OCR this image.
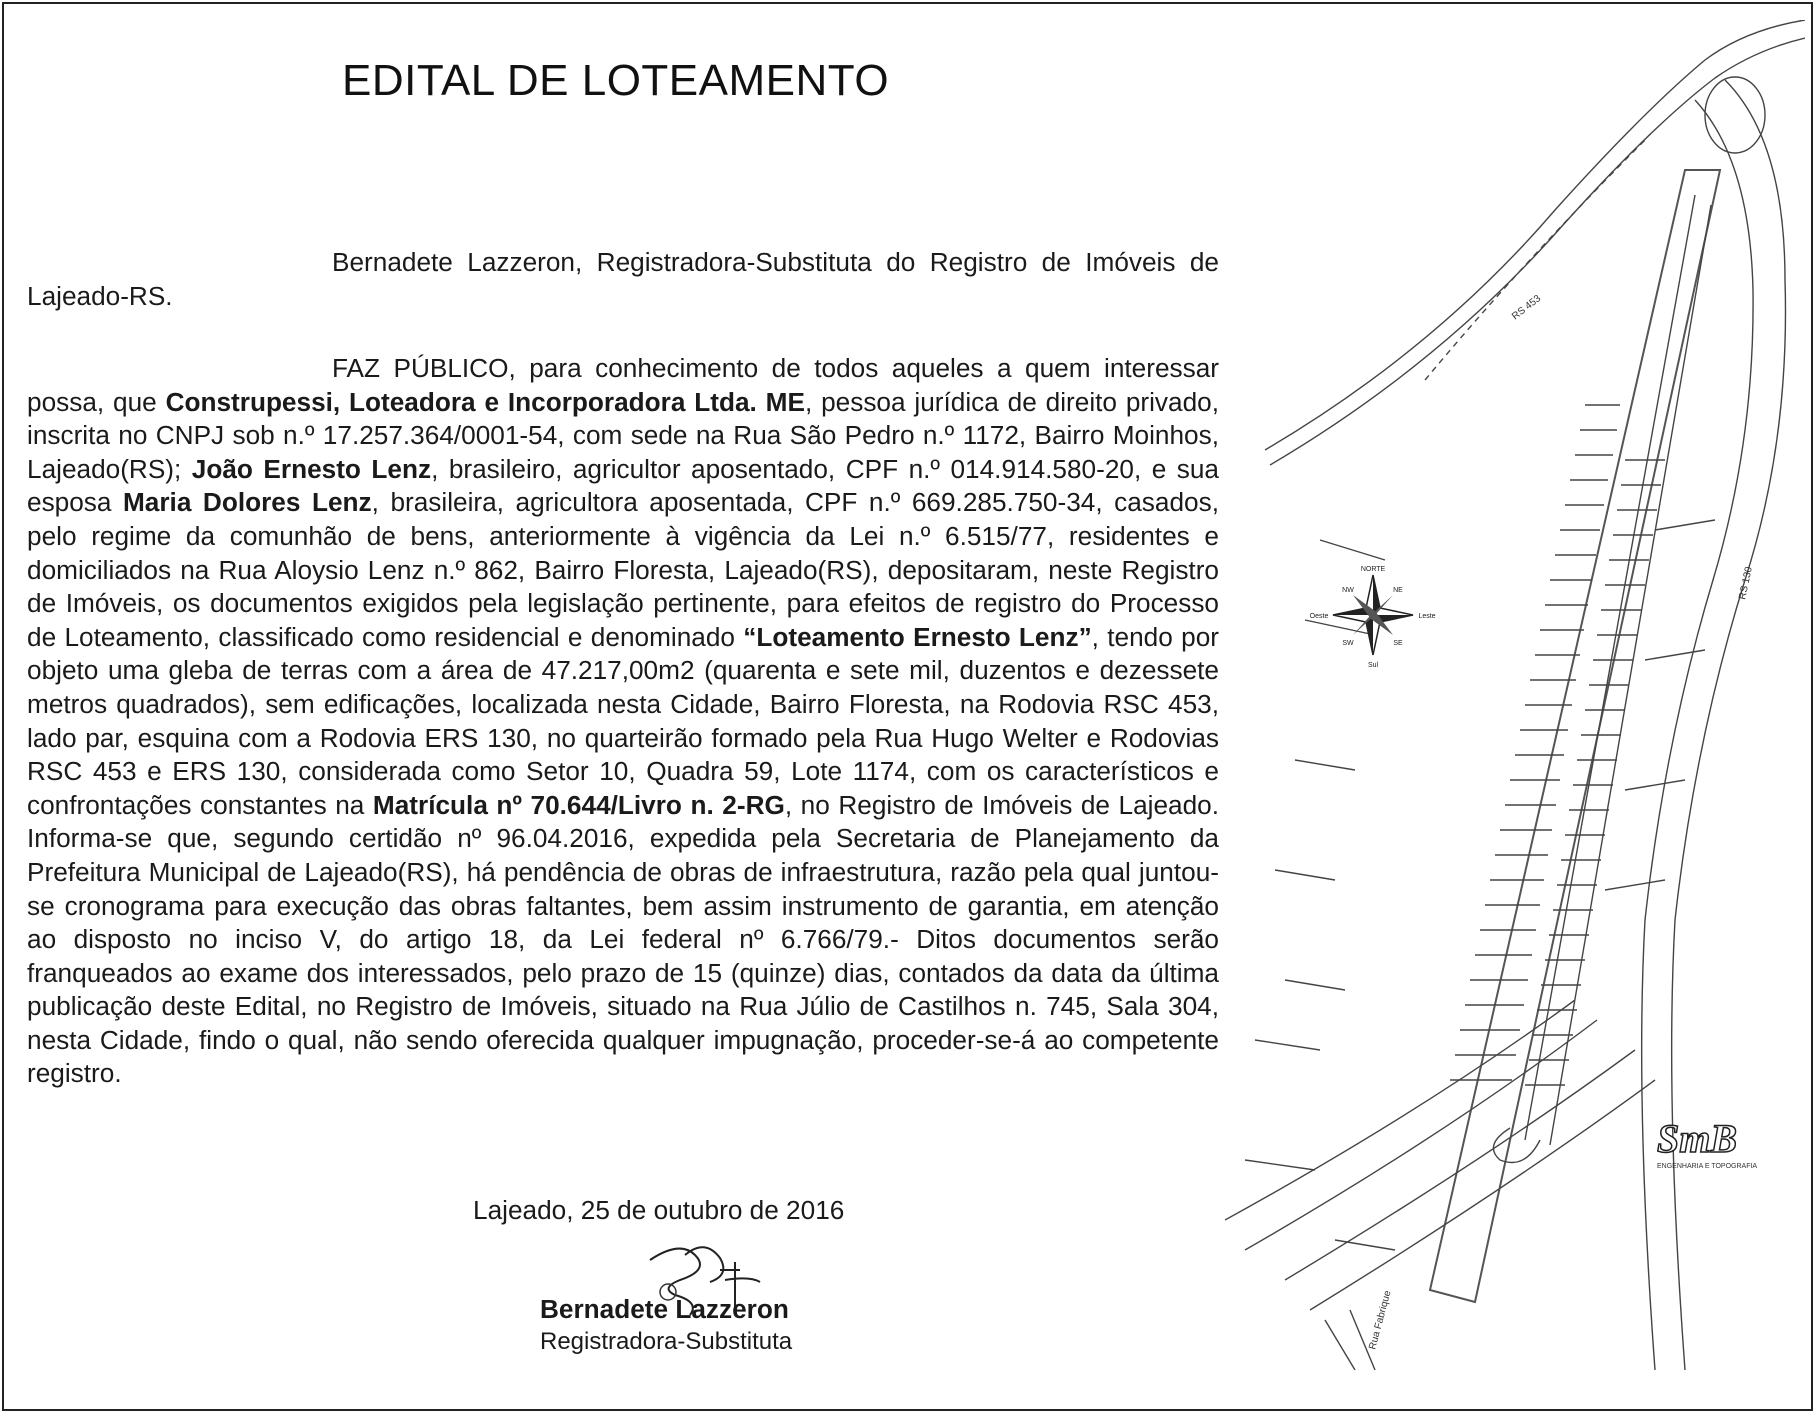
EDITAL DE LOTEAMENTO

Bernadete Lazzeron, Registradora-Substituta do Registro de Imóveis de Lajeado-RS.

FAZ PÚBLICO, para conhecimento de todos aqueles a quem interessar possa, que Construpessi, Loteadora e Incorporadora Ltda. ME, pessoa jurídica de direito privado, inscrita no CNPJ sob n.º 17.257.364/0001-54, com sede na Rua São Pedro n.º 1172, Bairro Moinhos, Lajeado(RS); João Ernesto Lenz, brasileiro, agricultor aposentado, CPF n.º 014.914.580-20, e sua esposa Maria Dolores Lenz, brasileira, agricultora aposentada, CPF n.º 669.285.750-34, casados, pelo regime da comunhão de bens, anteriormente à vigência da Lei n.º 6.515/77, residentes e domiciliados na Rua Aloysio Lenz n.º 862, Bairro Floresta, Lajeado(RS), depositaram, neste Registro de Imóveis, os documentos exigidos pela legislação pertinente, para efeitos de registro do Processo de Loteamento, classificado como residencial e denominado “Loteamento Ernesto Lenz”, tendo por objeto uma gleba de terras com a área de 47.217,00m2 (quarenta e sete mil, duzentos e dezessete metros quadrados), sem edificações, localizada nesta Cidade, Bairro Floresta, na Rodovia RSC 453, lado par, esquina com a Rodovia ERS 130, no quarteirão formado pela Rua Hugo Welter e Rodovias RSC 453 e ERS 130, considerada como Setor 10, Quadra 59, Lote 1174, com os característicos e confrontações constantes na Matrícula nº 70.644/Livro n. 2-RG, no Registro de Imóveis de Lajeado. Informa-se que, segundo certidão nº 96.04.2016, expedida pela Secretaria de Planejamento da Prefeitura Municipal de Lajeado(RS), há pendência de obras de infraestrutura, razão pela qual juntou-se cronograma para execução das obras faltantes, bem assim instrumento de garantia, em atenção ao disposto no inciso V, do artigo 18, da Lei federal nº 6.766/79.- Ditos documentos serão franqueados ao exame dos interessados, pelo prazo de 15 (quinze) dias, contados da data da última publicação deste Edital, no Registro de Imóveis, situado na Rua Júlio de Castilhos n. 745, Sala 304, nesta Cidade, findo o qual, não sendo oferecida qualquer impugnação, proceder-se-á ao competente registro.

Lajeado, 25 de outubro de 2016
Bernadete Lazzeron
Registradora-Substituta
RS 453
RS 130
Rua Fabrique
NORTE
Sul
Leste
Oeste
NE
NW
SE
SW
SmB
ENGENHARIA E TOPOGRAFIA
